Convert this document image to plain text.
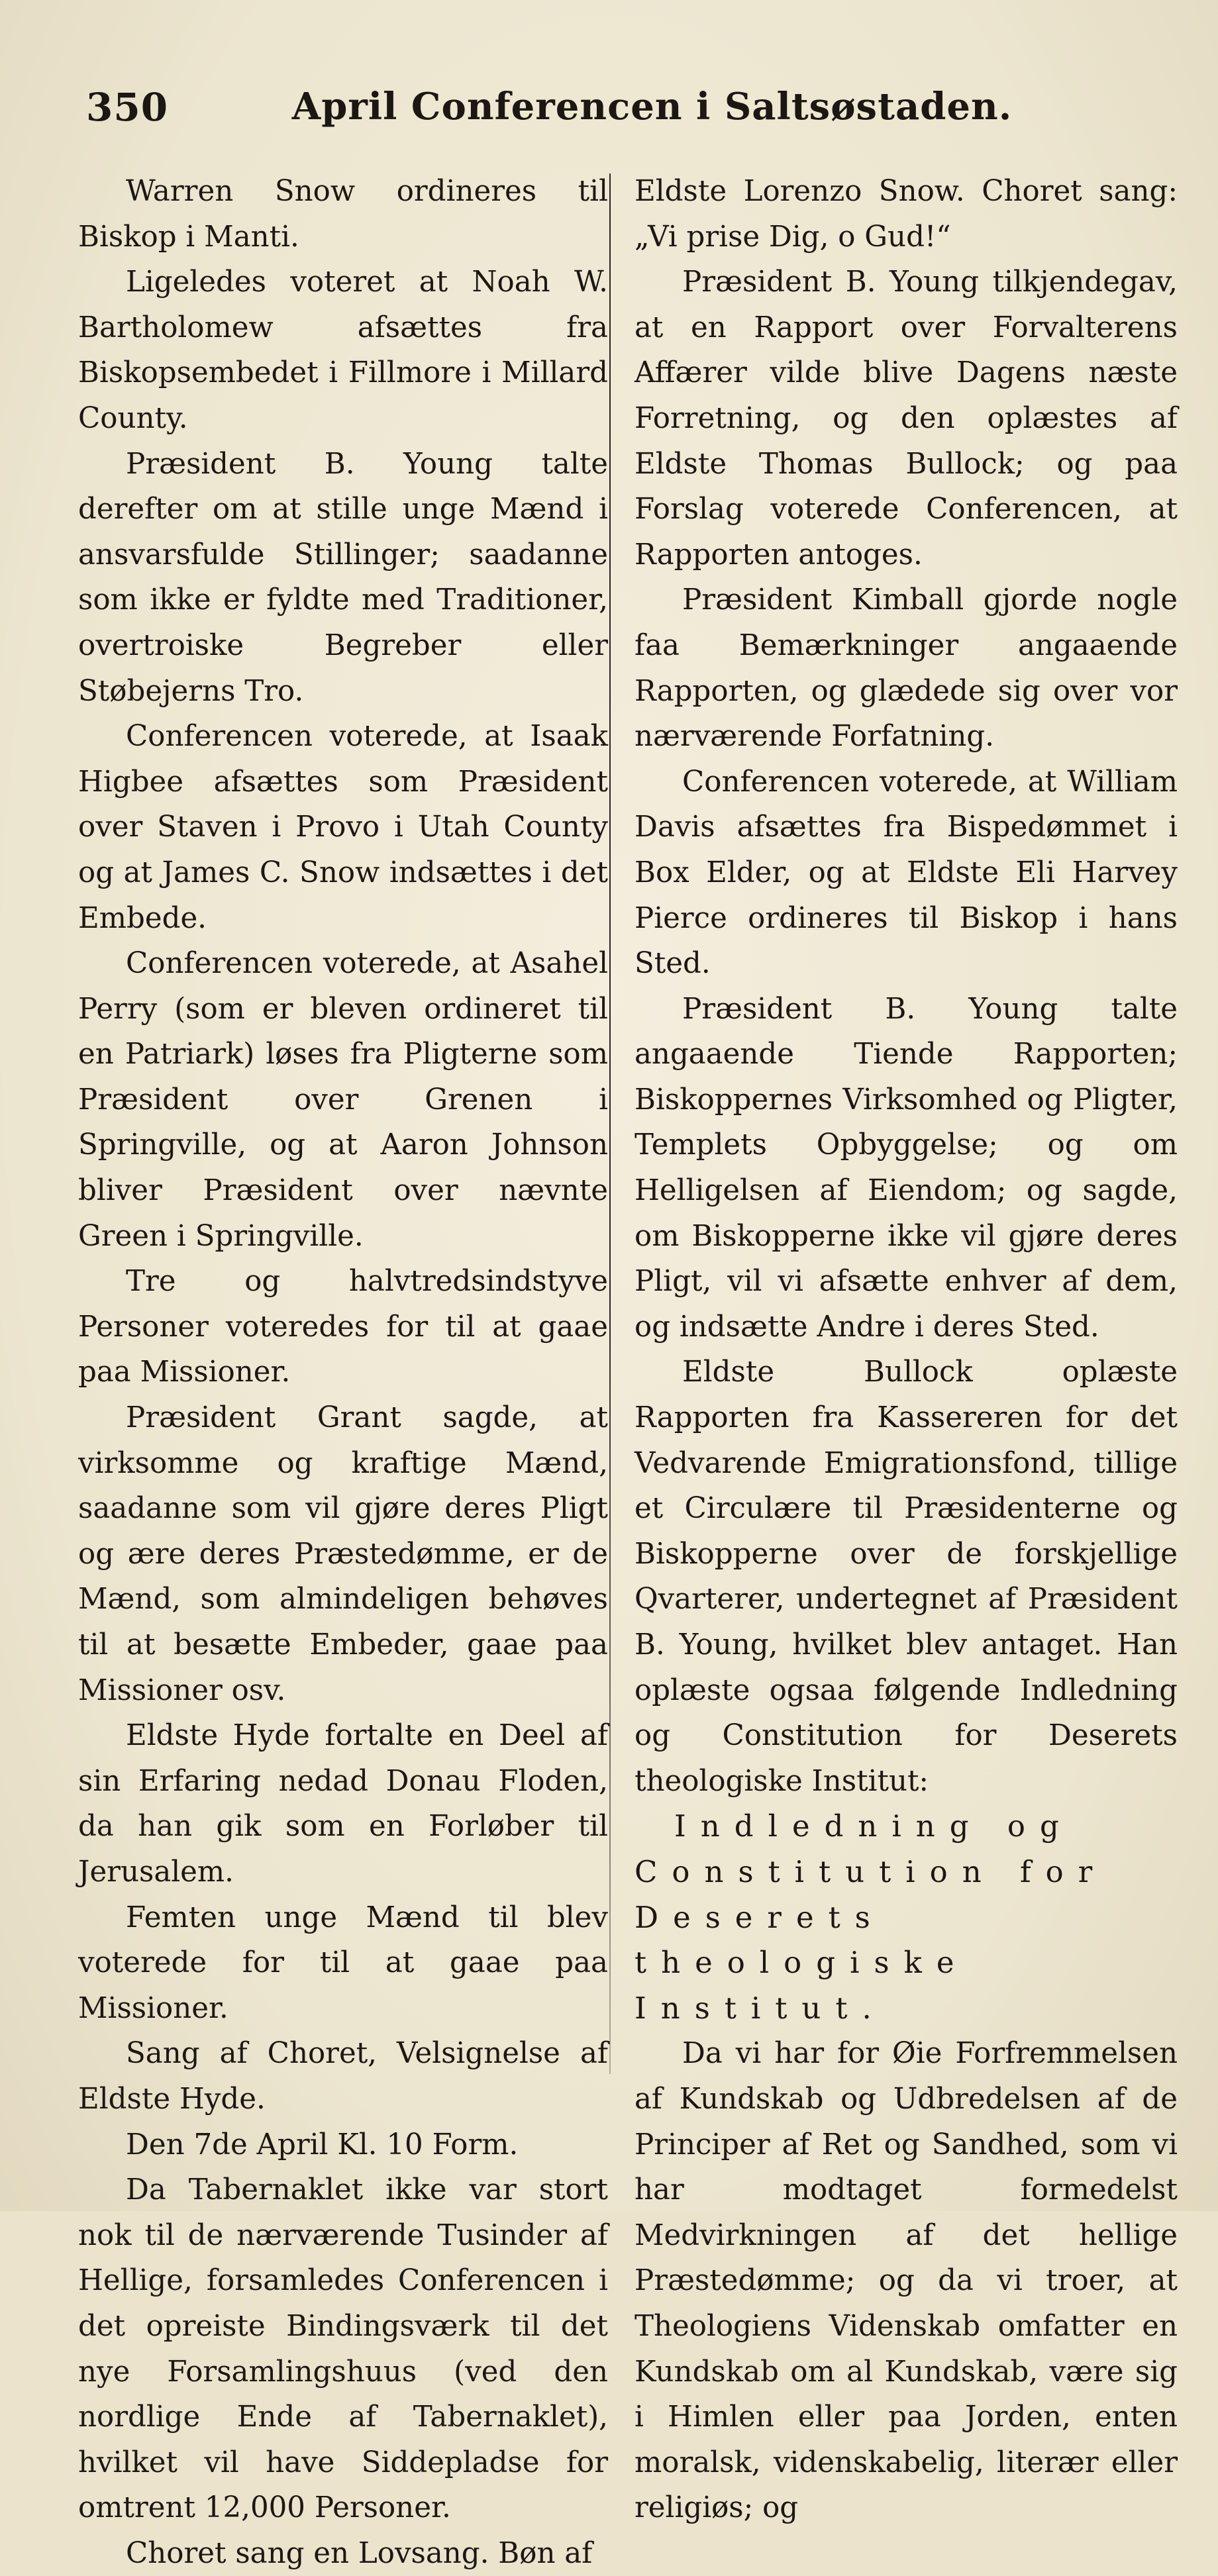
350	April Conferencen i Saltsøstaden.

Warren Snow ordineres til Biskop i Manti.

Ligeledes voteret at Noah W. Bartholomew afsættes fra Biskopsembedet i Fillmore i Millard County.

Præsident B. Young talte derefter om at stille unge Mænd i ansvarsfulde Stillinger; saadanne som ikke er fyldte med Traditioner, overtroiske Begreber eller Støbejerns Tro.

Conferencen voterede, at Isaak Higbee afsættes som Præsident over Staven i Provo i Utah County og at James C. Snow indsættes i det Embede.

Conferencen voterede, at Asahel Perry (som er bleven ordineret til en Patriark) løses fra Pligterne som Præsident over Grenen i Springville, og at Aaron Johnson bliver Præsident over nævnte Green i Springville.

Tre og halvtredsindstyve Personer voteredes for til at gaae paa Missioner.

Præsident Grant sagde, at virksomme og kraftige Mænd, saadanne som vil gjøre deres Pligt og ære deres Præstedømme, er de Mænd, som almindeligen behøves til at besætte Embeder, gaae paa Missioner osv.

Eldste Hyde fortalte en Deel af sin Erfaring nedad Donau Floden, da han gik som en Forløber til Jerusalem.

Femten unge Mænd til blev voterede for til at gaae paa Missioner.

Sang af Choret, Velsignelse af Eldste Hyde.

Den 7de April Kl. 10 Form.

Da Tabernaklet ikke var stort nok til de nærværende Tusinder af Hellige, forsamledes Conferencen i det opreiste Bindingsværk til det nye Forsamlingshuus (ved den nordlige Ende af Tabernaklet), hvilket vil have Siddepladse for omtrent 12,000 Personer.

Choret sang en Lovsang. Bøn af

Eldste Lorenzo Snow. Choret sang: „Vi prise Dig, o Gud!“

Præsident B. Young tilkjendegav, at en Rapport over Forvalterens Affærer vilde blive Dagens næste Forretning, og den oplæstes af Eldste Thomas Bullock; og paa Forslag voterede Conferencen, at Rapporten antoges.

Præsident Kimball gjorde nogle faa Bemærkninger angaaende Rapporten, og glædede sig over vor nærværende Forfatning.

Conferencen voterede, at William Davis afsættes fra Bispedømmet i Box Elder, og at Eldste Eli Harvey Pierce ordineres til Biskop i hans Sted.

Præsident B. Young talte angaaende Tiende Rapporten; Biskoppernes Virksomhed og Pligter, Templets Opbyggelse; og om Helligelsen af Eiendom; og sagde, om Biskopperne ikke vil gjøre deres Pligt, vil vi afsætte enhver af dem, og indsætte Andre i deres Sted.

Eldste Bullock oplæste Rapporten fra Kassereren for det Vedvarende Emigrationsfond, tillige et Circulære til Præsidenterne og Biskopperne over de forskjellige Qvarterer, undertegnet af Præsident B. Young, hvilket blev antaget. Han oplæste ogsaa følgende Indledning og Constitution for Deserets theologiske Institut:

Indledning og Constitution for Deserets theologiske Institut.

Da vi har for Øie Forfremmelsen af Kundskab og Udbredelsen af de Principer af Ret og Sandhed, som vi har modtaget formedelst Medvirkningen af det hellige Præstedømme; og da vi troer, at Theologiens Videnskab omfatter en Kundskab om al Kundskab, være sig i Himlen eller paa Jorden, enten moralsk, videnskabelig, literær eller religiøs; og
